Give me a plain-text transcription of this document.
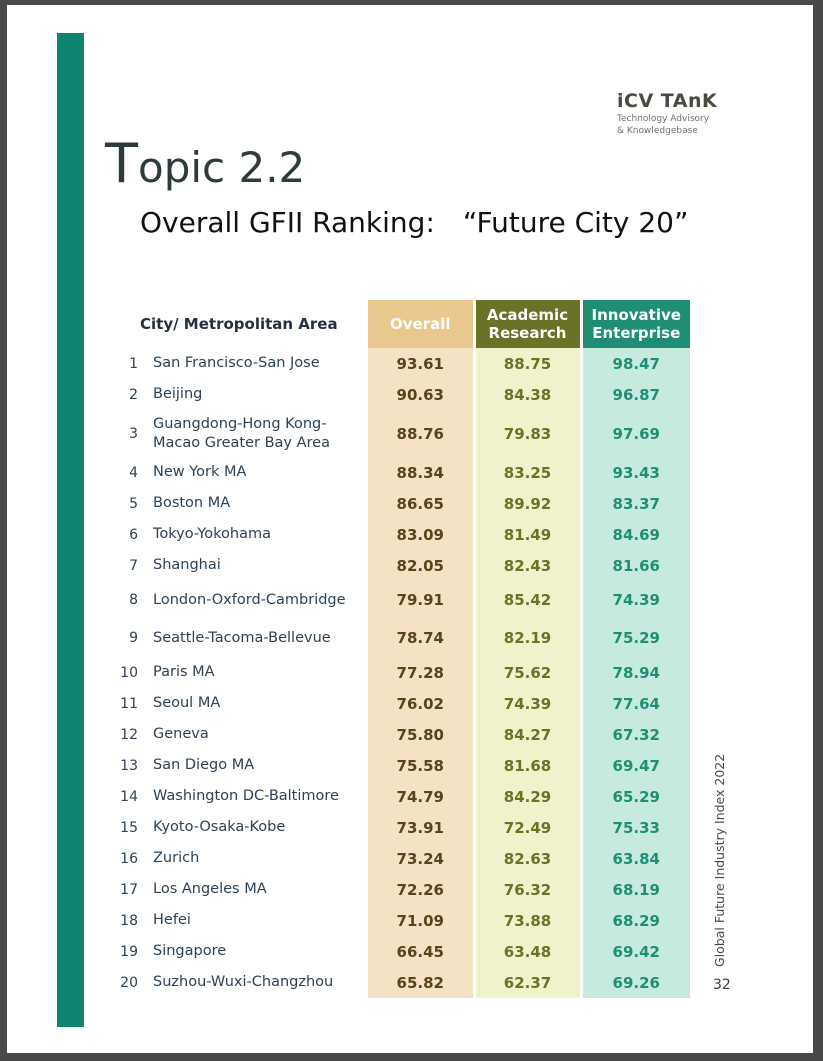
iCV TAnK
Technology Advisory
& Knowledgebase
Topic 2.2
Overall GFII Ranking: “Future City 20”
City/ Metropolitan Area		Overall	Academic Research	Innovative Enterprise
1	San Francisco-San Jose	93.61	88.75	98.47
2	Beijing	90.63	84.38	96.87
3	Guangdong-Hong Kong-Macao Greater Bay Area	88.76	79.83	97.69
4	New York MA	88.34	83.25	93.43
5	Boston MA	86.65	89.92	83.37
6	Tokyo-Yokohama	83.09	81.49	84.69
7	Shanghai	82.05	82.43	81.66
8	London-Oxford-Cambridge	79.91	85.42	74.39
9	Seattle-Tacoma-Bellevue	78.74	82.19	75.29
10	Paris MA	77.28	75.62	78.94
11	Seoul MA	76.02	74.39	77.64
12	Geneva	75.80	84.27	67.32
13	San Diego MA	75.58	81.68	69.47
14	Washington DC-Baltimore	74.79	84.29	65.29
15	Kyoto-Osaka-Kobe	73.91	72.49	75.33
16	Zurich	73.24	82.63	63.84
17	Los Angeles MA	72.26	76.32	68.19
18	Hefei	71.09	73.88	68.29
19	Singapore	66.45	63.48	69.42
20	Suzhou-Wuxi-Changzhou	65.82	62.37	69.26
Global Future Industry Index 2022
32
